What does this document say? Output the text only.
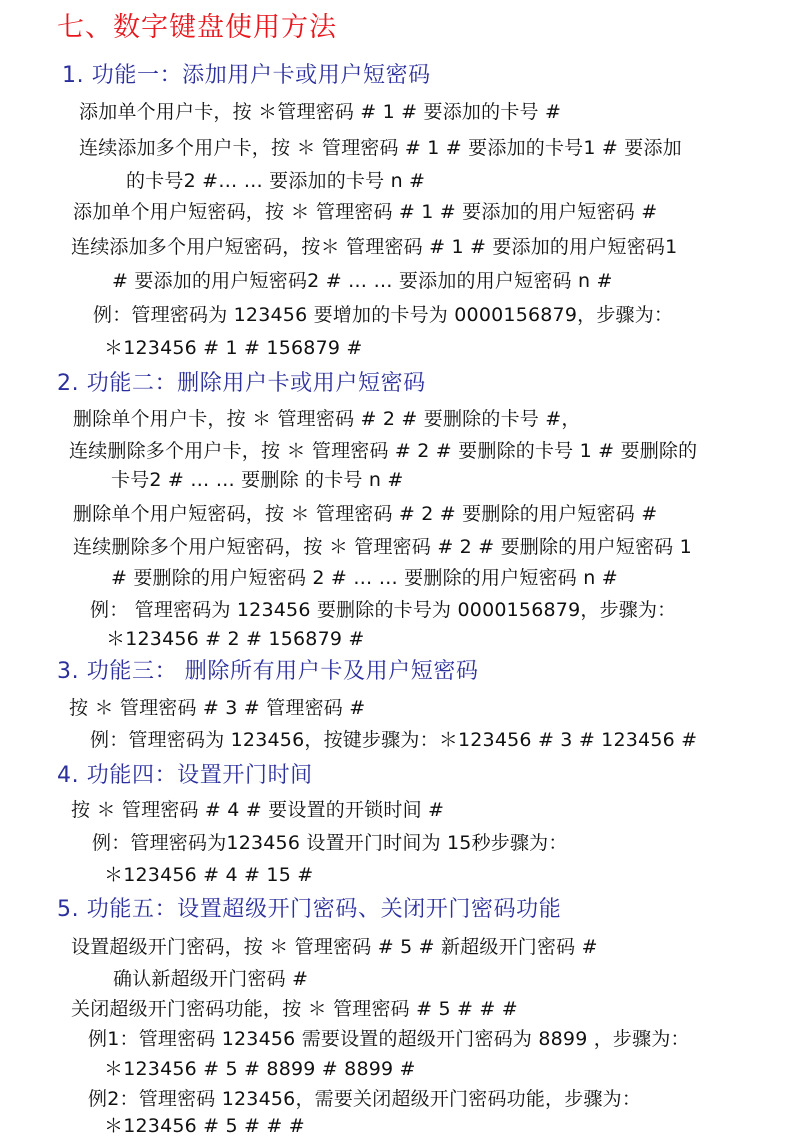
七、数字键盘使用方法
1. 功能一：添加用户卡或用户短密码
添加单个用户卡，按 ＊管理密码 # 1 # 要添加的卡号 #
连续添加多个用户卡，按 ＊ 管理密码 # 1 # 要添加的卡号1 # 要添加
的卡号2 #… … 要添加的卡号 n #
添加单个用户短密码，按 ＊ 管理密码 # 1 # 要添加的用户短密码 #
连续添加多个用户短密码，按＊ 管理密码 # 1 # 要添加的用户短密码1
# 要添加的用户短密码2 # … … 要添加的用户短密码 n #
例：管理密码为 123456 要增加的卡号为 0000156879，步骤为：
＊123456 # 1 # 156879 #
2. 功能二：删除用户卡或用户短密码
删除单个用户卡，按 ＊ 管理密码 # 2 # 要删除的卡号 #，
连续删除多个用户卡，按 ＊ 管理密码 # 2 # 要删除的卡号 1 # 要删除的
卡号2 # … … 要删除 的卡号 n #
删除单个用户短密码，按 ＊ 管理密码 # 2 # 要删除的用户短密码 #
连续删除多个用户短密码，按 ＊ 管理密码 # 2 # 要删除的用户短密码 1
# 要删除的用户短密码 2 # … … 要删除的用户短密码 n #
例： 管理密码为 123456 要删除的卡号为 0000156879，步骤为：
＊123456 # 2 # 156879 #
3. 功能三： 删除所有用户卡及用户短密码
按 ＊ 管理密码 # 3 # 管理密码 #
例：管理密码为 123456，按键步骤为：＊123456 # 3 # 123456 #
4. 功能四：设置开门时间
按 ＊ 管理密码 # 4 # 要设置的开锁时间 #
例：管理密码为123456 设置开门时间为 15秒步骤为：
＊123456 # 4 # 15 #
5. 功能五：设置超级开门密码、关闭开门密码功能
设置超级开门密码，按 ＊ 管理密码 # 5 # 新超级开门密码 #
确认新超级开门密码 #
关闭超级开门密码功能，按 ＊ 管理密码 # 5 # # #
例1：管理密码 123456 需要设置的超级开门密码为 8899 ，步骤为：
＊123456 # 5 # 8899 # 8899 #
例2：管理密码 123456，需要关闭超级开门密码功能，步骤为：
＊123456 # 5 # # #
